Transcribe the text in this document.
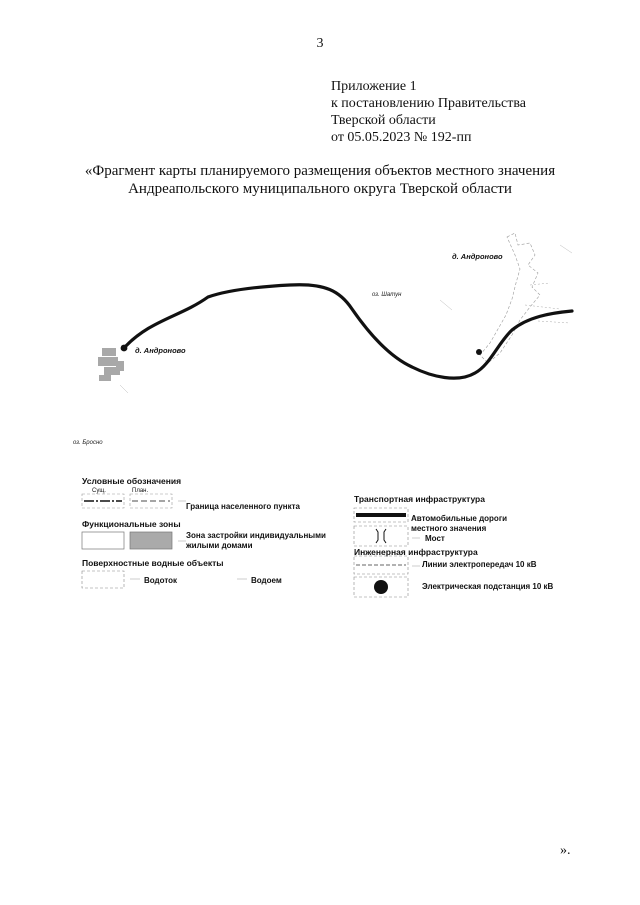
3
Приложение 1
к постановлению Правительства
Тверской области
от 05.05.2023 № 192-пп
«Фрагмент карты планируемого размещения объектов местного значения
Андреапольского муниципального округа Тверской области
д. Андроново
д. Андроново
оз. Шатун
оз. Бросно
Условные обозначения
Сущ.	План.
Граница населенного пункта
Функциональные зоны
Зона застройки индивидуальными
жилыми домами
Поверхностные водные объекты
Водоток	Водоем
Транспортная инфраструктура
Автомобильные дороги
местного значения
Мост
Инженерная инфраструктура
Линии электропередач 10 кВ
Электрическая подстанция 10 кВ
».
